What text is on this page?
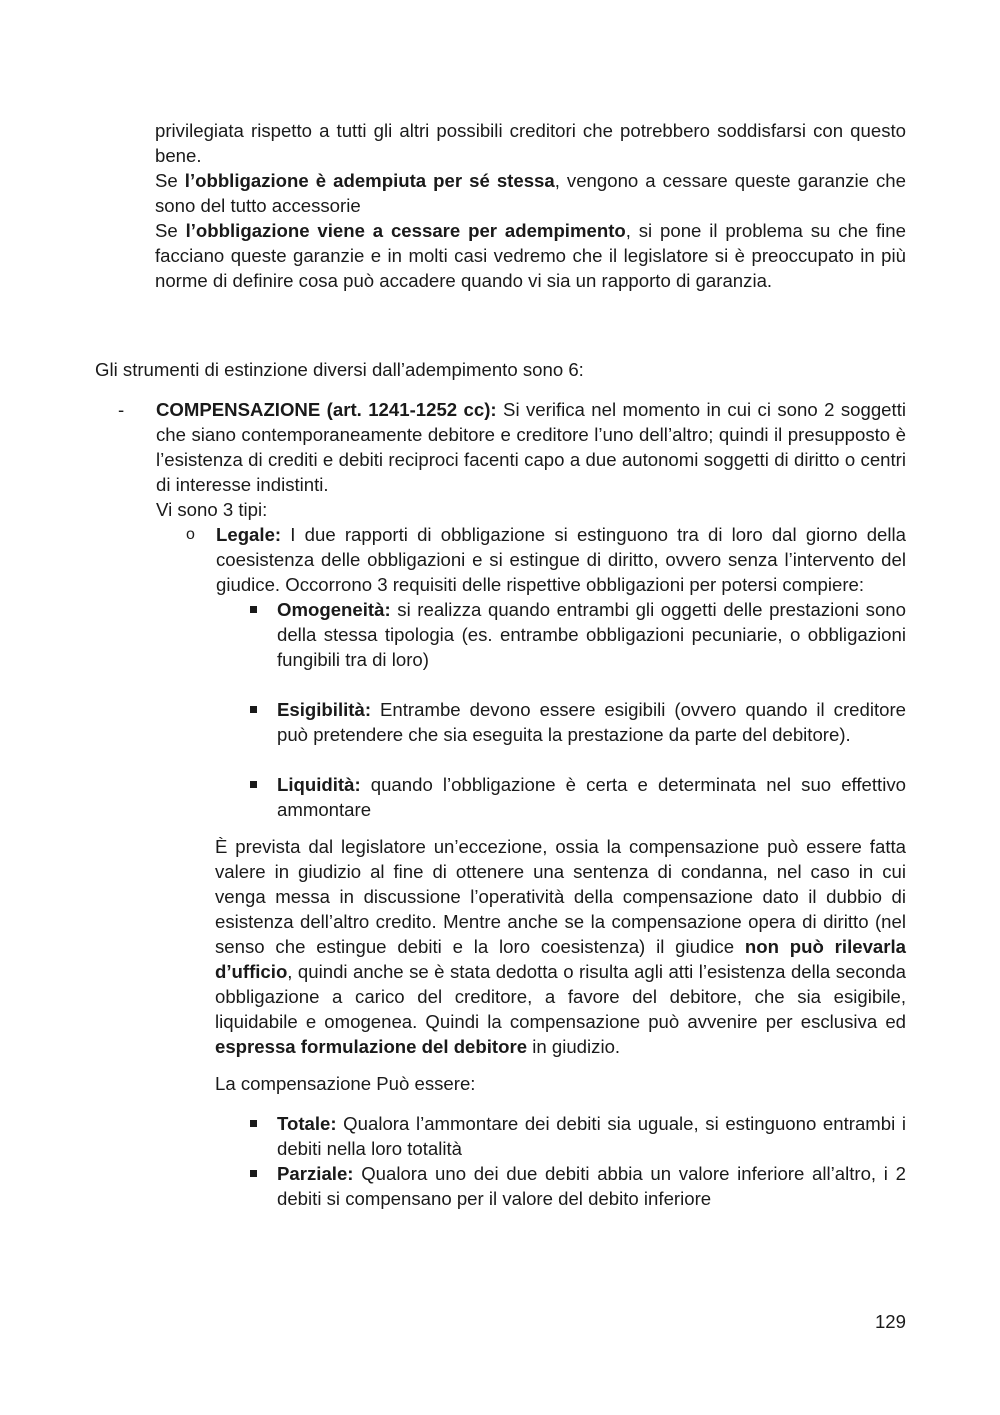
privilegiata rispetto a tutti gli altri possibili creditori che potrebbero soddisfarsi con questo bene.

Se l’obbligazione è adempiuta per sé stessa, vengono a cessare queste garanzie che sono del tutto accessorie

Se l’obbligazione viene a cessare per adempimento, si pone il problema su che fine facciano queste garanzie e in molti casi vedremo che il legislatore si è preoccupato in più norme di definire cosa può accadere quando vi sia un rapporto di garanzia.

Gli strumenti di estinzione diversi dall’adempimento sono 6:

- COMPENSAZIONE (art. 1241-1252 cc): Si verifica nel momento in cui ci sono 2 soggetti che siano contemporaneamente debitore e creditore l’uno dell’altro; quindi il presupposto è l’esistenza di crediti e debiti reciproci facenti capo a due autonomi soggetti di diritto o centri di interesse indistinti.

Vi sono 3 tipi:

o Legale: I due rapporti di obbligazione si estinguono tra di loro dal giorno della coesistenza delle obbligazioni e si estingue di diritto, ovvero senza l’intervento del giudice. Occorrono 3 requisiti delle rispettive obbligazioni per potersi compiere:

Omogeneità: si realizza quando entrambi gli oggetti delle prestazioni sono della stessa tipologia (es. entrambe obbligazioni pecuniarie, o obbligazioni fungibili tra di loro)

Esigibilità: Entrambe devono essere esigibili (ovvero quando il creditore può pretendere che sia eseguita la prestazione da parte del debitore).

Liquidità: quando l’obbligazione è certa e determinata nel suo effettivo ammontare

È prevista dal legislatore un’eccezione, ossia la compensazione può essere fatta valere in giudizio al fine di ottenere una sentenza di condanna, nel caso in cui venga messa in discussione l’operatività della compensazione dato il dubbio di esistenza dell’altro credito. Mentre anche se la compensazione opera di diritto (nel senso che estingue debiti e la loro coesistenza) il giudice non può rilevarla d’ufficio, quindi anche se è stata dedotta o risulta agli atti l’esistenza della seconda obbligazione a carico del creditore, a favore del debitore, che sia esigibile, liquidabile e omogenea. Quindi la compensazione può avvenire per esclusiva ed espressa formulazione del debitore in giudizio.

La compensazione Può essere:

Totale: Qualora l’ammontare dei debiti sia uguale, si estinguono entrambi i debiti nella loro totalità

Parziale: Qualora uno dei due debiti abbia un valore inferiore all’altro, i 2 debiti si compensano per il valore del debito inferiore

129
